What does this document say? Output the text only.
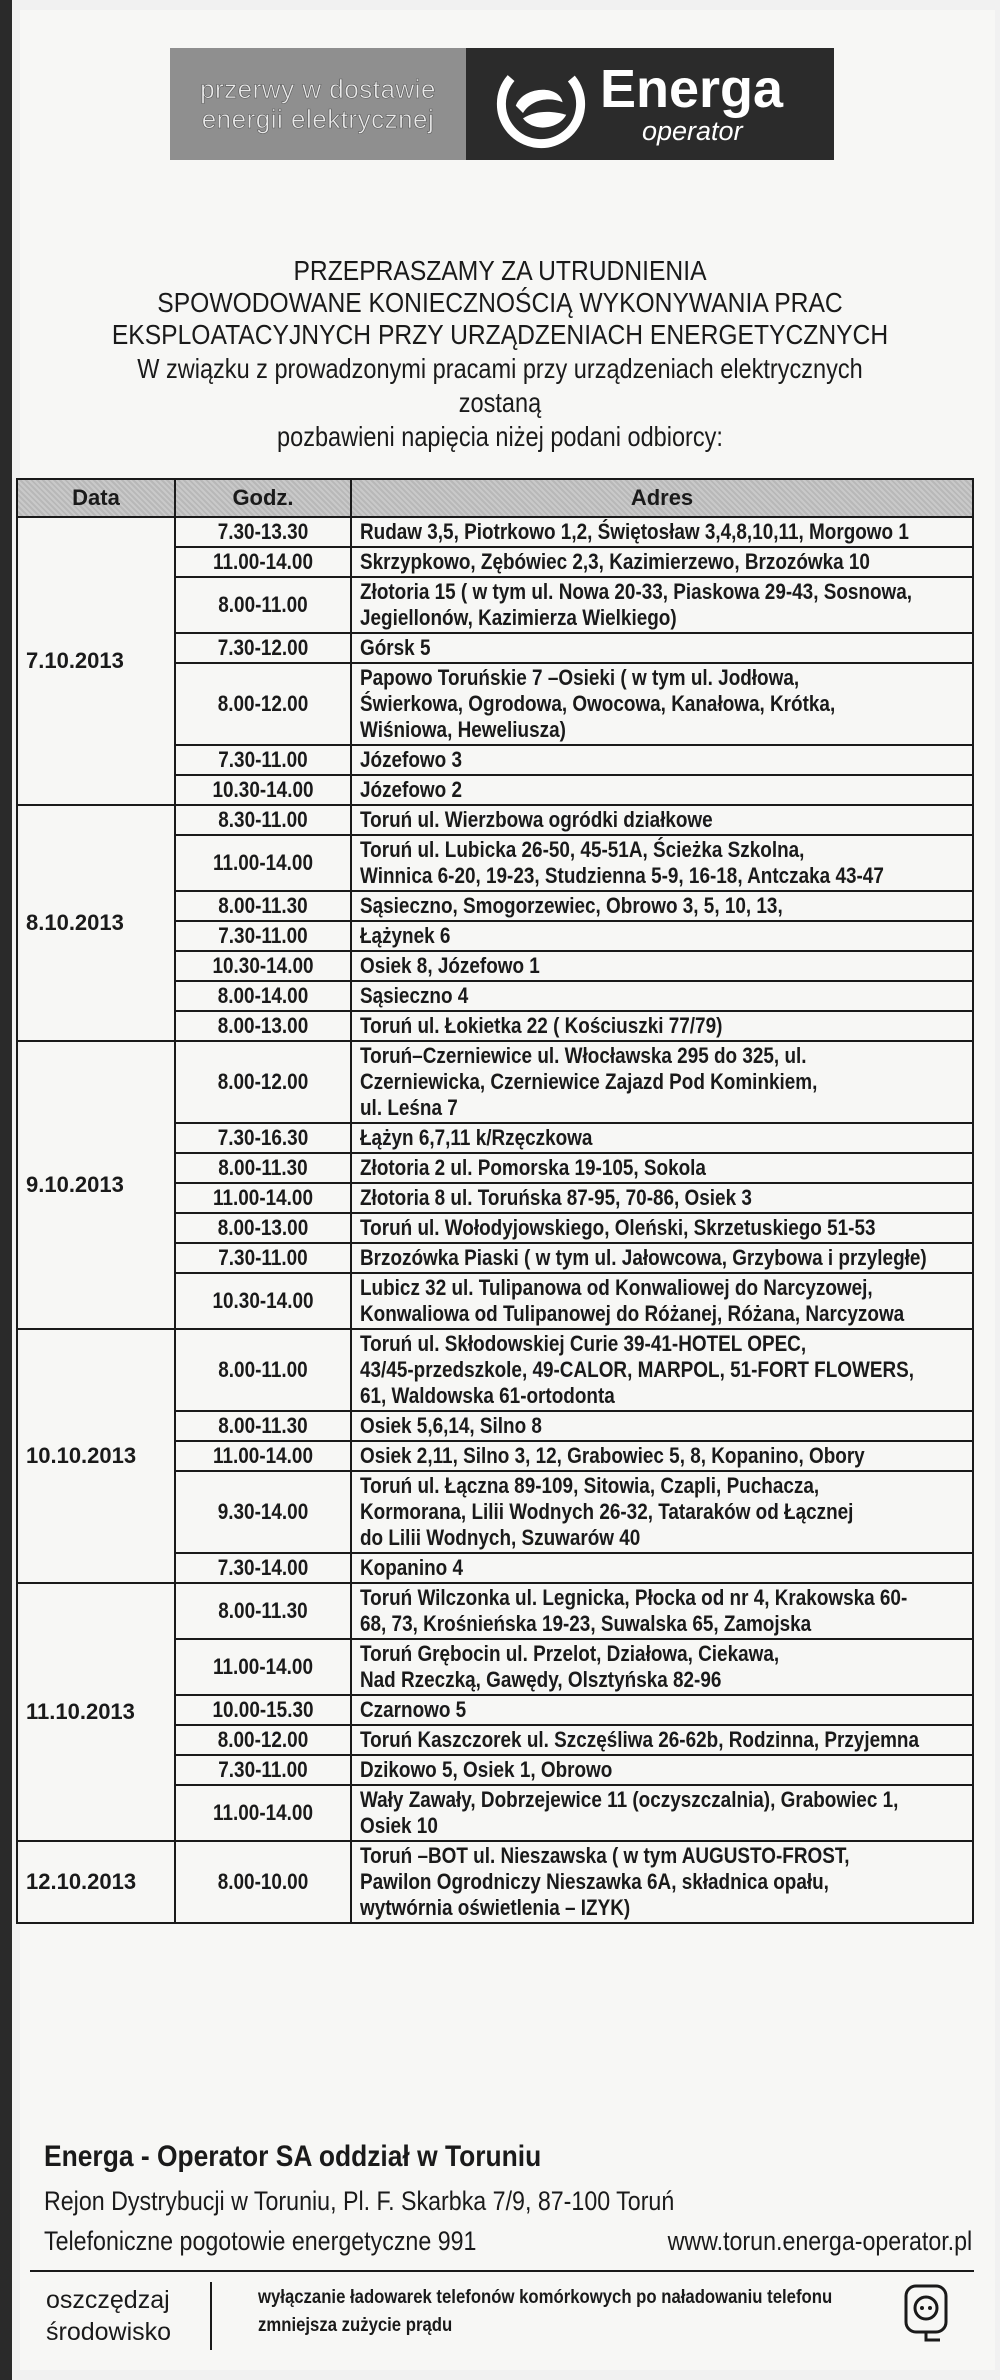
przerwy w dostawie
energii elektrycznej	Energa
operator
PRZEPRASZAMY ZA UTRUDNIENIA
SPOWODOWANE KONIECZNOŚCIĄ WYKONYWANIA PRAC
EKSPLOATACYJNYCH PRZY URZĄDZENIACH ENERGETYCZNYCH
W związku z prowadzonymi pracami przy urządzeniach elektrycznych zostaną
pozbawieni napięcia niżej podani odbiorcy:
Data	Godz.	Adres
7.10.2013	7.30-13.30	Rudaw 3,5, Piotrkowo 1,2, Świętosław 3,4,8,10,11, Morgowo 1

	11.00-14.00	Skrzypkowo, Zębówiec 2,3, Kazimierzewo, Brzozówka 10

	8.00-11.00	Złotoria 15 ( w tym ul. Nowa 20-33, Piaskowa 29-43, Sosnowa,
Jegiellonów, Kazimierza Wielkiego)

	7.30-12.00	Górsk 5

	8.00-12.00	Papowo Toruńskie 7 –Osieki ( w tym ul. Jodłowa,
Świerkowa, Ogrodowa, Owocowa, Kanałowa, Krótka,
Wiśniowa, Heweliusza)

	7.30-11.00	Józefowo 3

	10.30-14.00	Józefowo 2

8.10.2013	8.30-11.00	Toruń ul. Wierzbowa ogródki działkowe

	11.00-14.00	Toruń ul. Lubicka 26-50, 45-51A, Ścieżka Szkolna,
Winnica 6-20, 19-23, Studzienna 5-9, 16-18, Antczaka 43-47

	8.00-11.30	Sąsieczno, Smogorzewiec, Obrowo 3, 5, 10, 13,

	7.30-11.00	Łążynek 6

	10.30-14.00	Osiek 8, Józefowo 1

	8.00-14.00	Sąsieczno 4

	8.00-13.00	Toruń ul. Łokietka 22 ( Kościuszki 77/79)

9.10.2013	8.00-12.00	Toruń–Czerniewice ul. Włocławska 295 do 325, ul.
Czerniewicka, Czerniewice Zajazd Pod Kominkiem,
ul. Leśna 7

	7.30-16.30	Łążyn 6,7,11 k/Rzęczkowa

	8.00-11.30	Złotoria 2 ul. Pomorska 19-105, Sokola

	11.00-14.00	Złotoria 8 ul. Toruńska 87-95, 70-86, Osiek 3

	8.00-13.00	Toruń ul. Wołodyjowskiego, Oleński, Skrzetuskiego 51-53

	7.30-11.00	Brzozówka Piaski ( w tym ul. Jałowcowa, Grzybowa i przyległe)

	10.30-14.00	Lubicz 32 ul. Tulipanowa od Konwaliowej do Narcyzowej,
Konwaliowa od Tulipanowej do Różanej, Różana, Narcyzowa

10.10.2013	8.00-11.00	Toruń ul. Skłodowskiej Curie 39-41-HOTEL OPEC,
43/45-przedszkole, 49-CALOR, MARPOL, 51-FORT FLOWERS,
61, Waldowska 61-ortodonta

	8.00-11.30	Osiek 5,6,14, Silno 8

	11.00-14.00	Osiek 2,11, Silno 3, 12, Grabowiec 5, 8, Kopanino, Obory

	9.30-14.00	Toruń ul. Łączna 89-109, Sitowia, Czapli, Puchacza,
Kormorana, Lilii Wodnych 26-32, Tataraków od Łącznej
do Lilii Wodnych, Szuwarów 40

	7.30-14.00	Kopanino 4

11.10.2013	8.00-11.30	Toruń Wilczonka ul. Legnicka, Płocka od nr 4, Krakowska 60-
68, 73, Krośnieńska 19-23, Suwalska 65, Zamojska

	11.00-14.00	Toruń Grębocin ul. Przelot, Działowa, Ciekawa,
Nad Rzeczką, Gawędy, Olsztyńska 82-96

	10.00-15.30	Czarnowo 5

	8.00-12.00	Toruń Kaszczorek ul. Szczęśliwa 26-62b, Rodzinna, Przyjemna

	7.30-11.00	Dzikowo 5, Osiek 1, Obrowo

	11.00-14.00	Wały Zawały, Dobrzejewice 11 (oczyszczalnia), Grabowiec 1,
Osiek 10

12.10.2013	8.00-10.00	Toruń –BOT ul. Nieszawska ( w tym AUGUSTO-FROST,
Pawilon Ogrodniczy Nieszawka 6A, składnica opału,
wytwórnia oświetlenia – IZYK)
Energa - Operator SA oddział w Toruniu
Rejon Dystrybucji w Toruniu, Pl. F. Skarbka 7/9, 87-100 Toruń
Telefoniczne pogotowie energetyczne 991	www.torun.energa-operator.pl
oszczędzaj
środowisko
wyłączanie ładowarek telefonów komórkowych po naładowaniu telefonu
zmniejsza zużycie prądu
